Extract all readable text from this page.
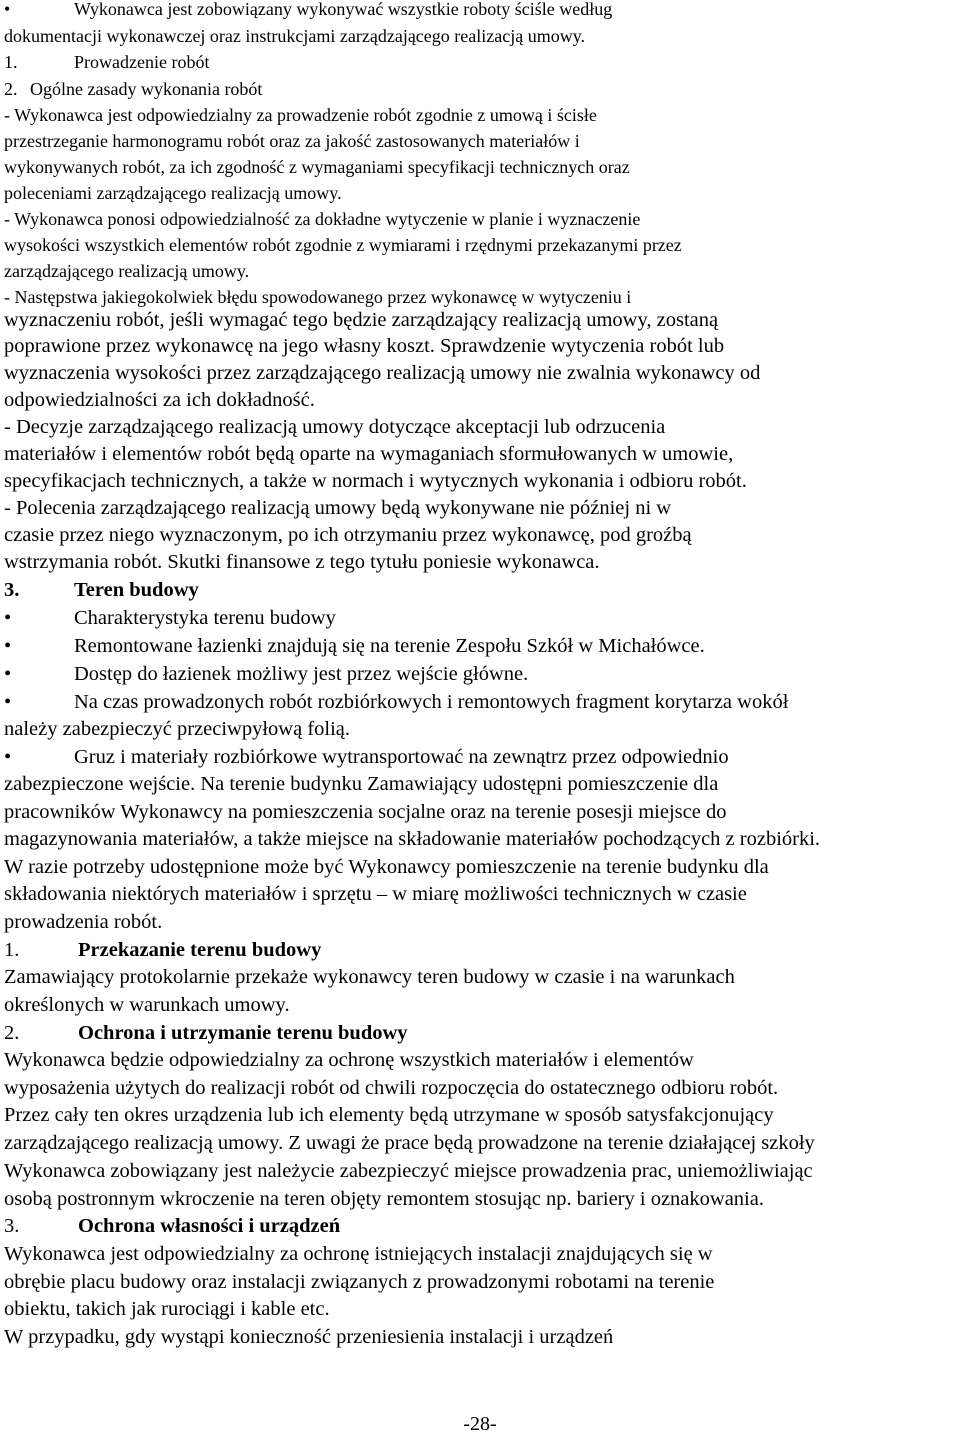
•	Wykonawca jest zobowiązany wykonywać wszystkie roboty ściśle według
dokumentacji wykonawczej oraz instrukcjami zarządzającego realizacją umowy.
1.	Prowadzenie robót
2. Ogólne zasady wykonania robót
- Wykonawca jest odpowiedzialny za prowadzenie robót zgodnie z umową i ścisłe
przestrzeganie harmonogramu robót oraz za jakość zastosowanych materiałów i
wykonywanych robót, za ich zgodność z wymaganiami specyfikacji technicznych oraz
poleceniami zarządzającego realizacją umowy.
- Wykonawca ponosi odpowiedzialność za dokładne wytyczenie w planie i wyznaczenie
wysokości wszystkich elementów robót zgodnie z wymiarami i rzędnymi przekazanymi przez
zarządzającego realizacją umowy.
- Następstwa jakiegokolwiek błędu spowodowanego przez wykonawcę w wytyczeniu i
wyznaczeniu robót, jeśli wymagać tego będzie zarządzający realizacją umowy, zostaną
poprawione przez wykonawcę na jego własny koszt. Sprawdzenie wytyczenia robót lub
wyznaczenia wysokości przez zarządzającego realizacją umowy nie zwalnia wykonawcy od
odpowiedzialności za ich dokładność.
- Decyzje zarządzającego realizacją umowy dotyczące akceptacji lub odrzucenia
materiałów i elementów robót będą oparte na wymaganiach sformułowanych w umowie,
specyfikacjach technicznych, a także w normach i wytycznych wykonania i odbioru robót.
- Polecenia zarządzającego realizacją umowy będą wykonywane nie później ni w
czasie przez niego wyznaczonym, po ich otrzymaniu przez wykonawcę, pod groźbą
wstrzymania robót. Skutki finansowe z tego tytułu poniesie wykonawca.
3.	Teren budowy
•	Charakterystyka terenu budowy
•	Remontowane łazienki znajdują się na terenie Zespołu Szkół w Michałówce.
•	Dostęp do łazienek możliwy jest przez wejście główne.
•	Na czas prowadzonych robót rozbiórkowych i remontowych fragment korytarza wokół
należy zabezpieczyć przeciwpyłową folią.
•	Gruz i materiały rozbiórkowe wytransportować na zewnątrz przez odpowiednio
zabezpieczone wejście. Na terenie budynku Zamawiający udostępni pomieszczenie dla
pracowników Wykonawcy na pomieszczenia socjalne oraz na terenie posesji miejsce do
magazynowania materiałów, a także miejsce na składowanie materiałów pochodzących z rozbiórki.
W razie potrzeby udostępnione może być Wykonawcy pomieszczenie na terenie budynku dla
składowania niektórych materiałów i sprzętu – w miarę możliwości technicznych w czasie
prowadzenia robót.
1.	Przekazanie terenu budowy
Zamawiający protokolarnie przekaże wykonawcy teren budowy w czasie i na warunkach
określonych w warunkach umowy.
2.	Ochrona i utrzymanie terenu budowy
Wykonawca będzie odpowiedzialny za ochronę wszystkich materiałów i elementów
wyposażenia użytych do realizacji robót od chwili rozpoczęcia do ostatecznego odbioru robót.
Przez cały ten okres urządzenia lub ich elementy będą utrzymane w sposób satysfakcjonujący
zarządzającego realizacją umowy. Z uwagi że prace będą prowadzone na terenie działającej szkoły
Wykonawca zobowiązany jest należycie zabezpieczyć miejsce prowadzenia prac, uniemożliwiając
osobą postronnym wkroczenie na teren objęty remontem stosując np. bariery i oznakowania.
3.	Ochrona własności i urządzeń
Wykonawca jest odpowiedzialny za ochronę istniejących instalacji znajdujących się w
obrębie placu budowy oraz instalacji związanych z prowadzonymi robotami na terenie
obiektu, takich jak rurociągi i kable etc.
W przypadku, gdy wystąpi konieczność przeniesienia instalacji i urządzeń
-28-
